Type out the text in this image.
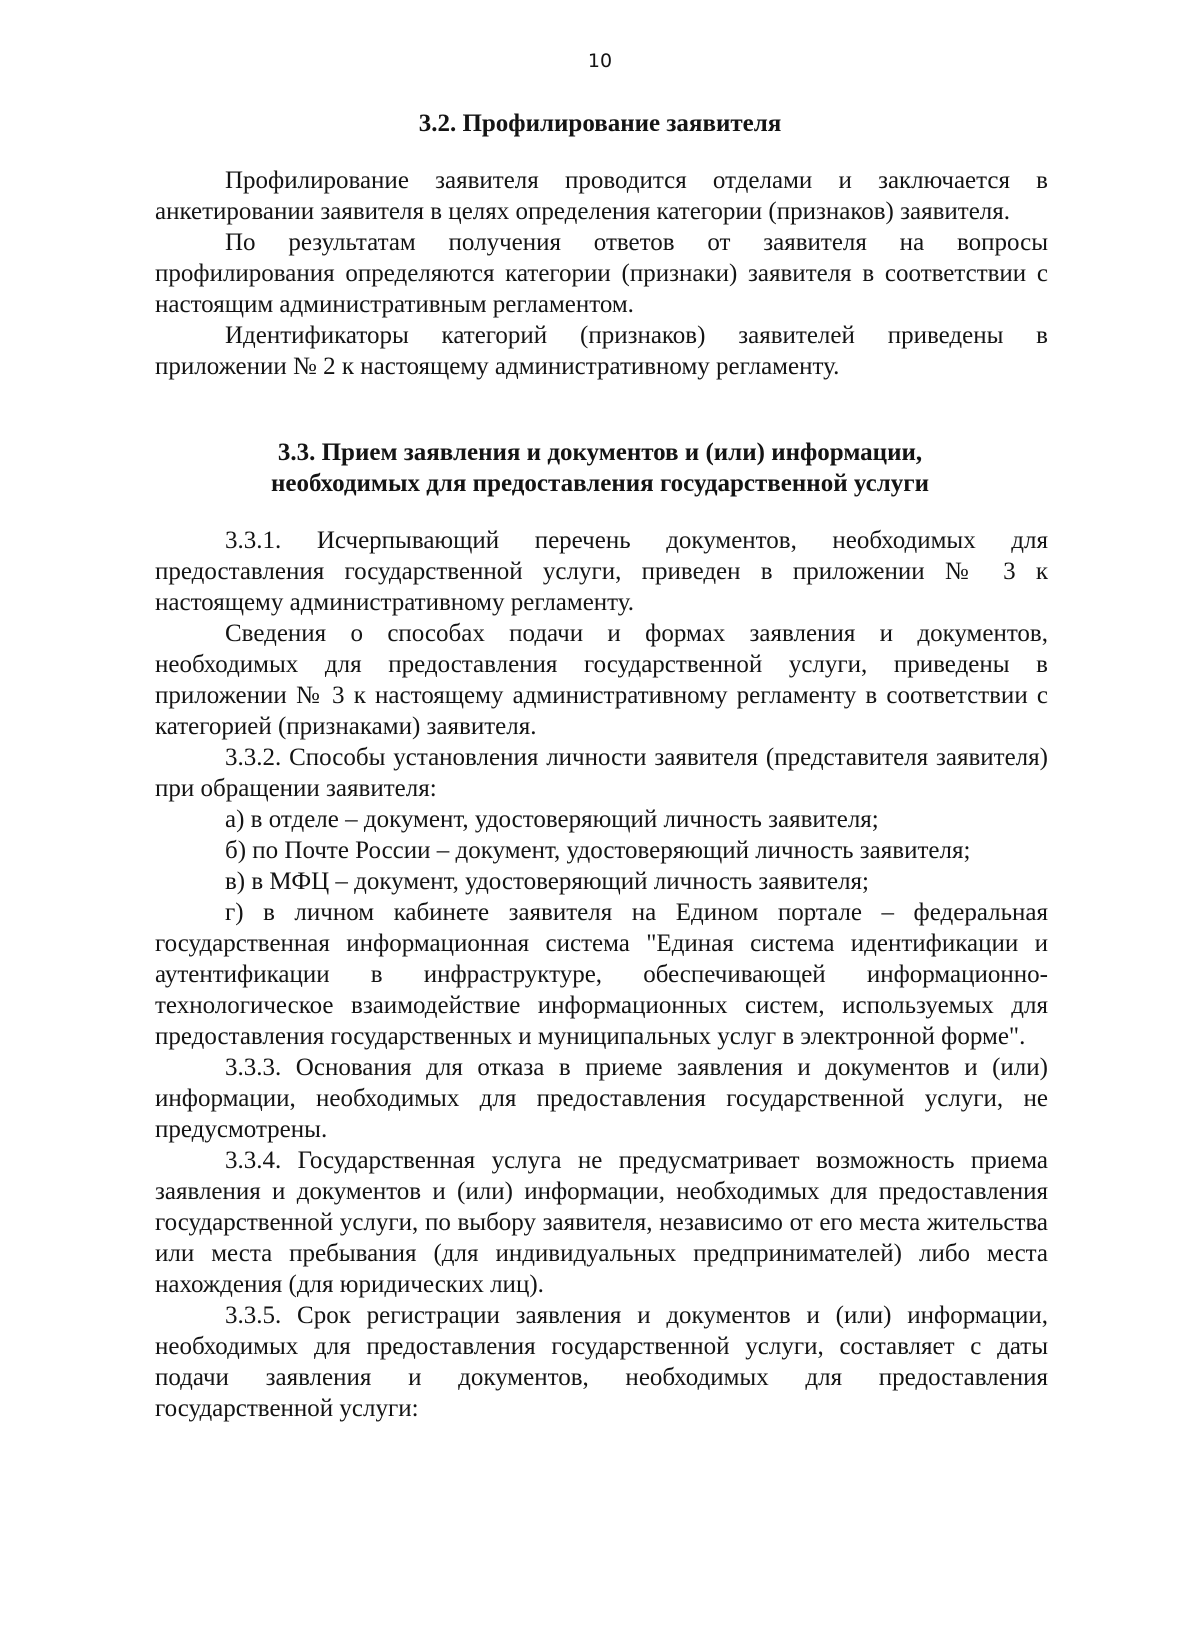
10
3.2. Профилирование заявителя

Профилирование заявителя проводится отделами и заключается в анкетировании заявителя в целях определения категории (признаков) заявителя.

По результатам получения ответов от заявителя на вопросы профилирования определяются категории (признаки) заявителя в соответствии с настоящим административным регламентом.

Идентификаторы категорий (признаков) заявителей приведены в приложении № 2 к настоящему административному регламенту.

3.3. Прием заявления и документов и (или) информации,
необходимых для предоставления государственной услуги

3.3.1. Исчерпывающий перечень документов, необходимых для предоставления государственной услуги, приведен в приложении № 3 к настоящему административному регламенту.

Сведения о способах подачи и формах заявления и документов, необходимых для предоставления государственной услуги, приведены в приложении № 3 к настоящему административному регламенту в соответствии с категорией (признаками) заявителя.

3.3.2. Способы установления личности заявителя (представителя заявителя) при обращении заявителя:

а) в отделе – документ, удостоверяющий личность заявителя;

б) по Почте России – документ, удостоверяющий личность заявителя;

в) в МФЦ – документ, удостоверяющий личность заявителя;

г) в личном кабинете заявителя на Едином портале – федеральная государственная информационная система "Единая система идентификации и аутентификации в инфраструктуре, обеспечивающей информационно-технологическое взаимодействие информационных систем, используемых для предоставления государственных и муниципальных услуг в электронной форме".

3.3.3. Основания для отказа в приеме заявления и документов и (или) информации, необходимых для предоставления государственной услуги, не предусмотрены.

3.3.4. Государственная услуга не предусматривает возможность приема заявления и документов и (или) информации, необходимых для предоставления государственной услуги, по выбору заявителя, независимо от его места жительства или места пребывания (для индивидуальных предпринимателей) либо места нахождения (для юридических лиц).

3.3.5. Срок регистрации заявления и документов и (или) информации, необходимых для предоставления государственной услуги, составляет с даты подачи заявления и документов, необходимых для предоставления государственной услуги:
